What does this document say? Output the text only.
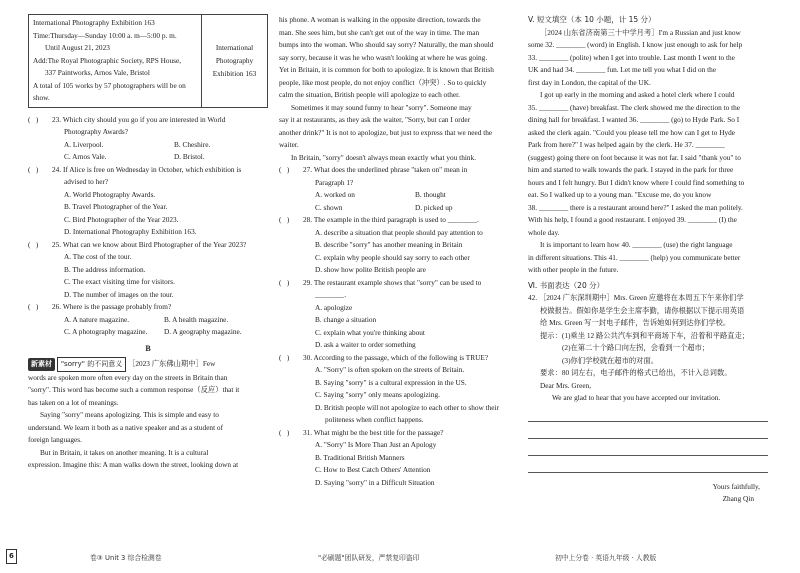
International Photography Exhibition 163
Time:Thursday—Sunday 10:00 a. m—5:00 p. m.
Until August 21, 2023
Add:The Royal Photographic Society, RPS House,
337 Paintworks, Arnos Vale, Bristol
A total of 105 works by 57 photographers will be on
show.

International
Photography
Exhibition 163
(   ) 23. Which city should you go if you are interested in World
Photography Awards?
A. Liverpool.	B. Cheshire.
C. Arnos Vale.	D. Bristol.
(   ) 24. If Alice is free on Wednesday in October, which exhibition is
advised to her?
A. World Photography Awards.
B. Travel Photographer of the Year.
C. Bird Photographer of the Year 2023.
D. International Photography Exhibition 163.
(   ) 25. What can we know about Bird Photographer of the Year 2023?
A. The cost of the tour.
B. The address information.
C. The exact visiting time for visitors.
D. The number of images on the tour.
(   ) 26. Where is the passage probably from?
A. A nature magazine.	B. A health magazine.
C. A photography magazine.	D. A geography magazine.
B
新素材 "sorry" 的不同意义 ［2023 广东佛山期中］Few
words are spoken more often every day on the streets in Britain than
"sorry". This word has become such a common response（反应）that it
has taken on a lot of meanings.
Saying "sorry" means apologizing. This is simple and easy to
understand. We learn it both as a native speaker and as a student of
foreign languages.
But in Britain, it takes on another meaning. It is a cultural
expression. Imagine this: A man walks down the street, looking down at
his phone. A woman is walking in the opposite direction, towards the
man. She sees him, but she can't get out of the way in time. The man
bumps into the woman. Who should say sorry? Naturally, the man should
say sorry, because it was he who wasn't looking at where he was going.
Yet in Britain, it is common for both to apologize. It is known that British
people, like most people, do not enjoy conflict（冲突）. So to quickly
calm the situation, British people will apologize to each other.
Sometimes it may sound funny to hear "sorry". Someone may
say it at restaurants, as they ask the waiter, "Sorry, but can I order
another drink?" It is not to apologize, but just to express that we need the
waiter.
In Britain, "sorry" doesn't always mean exactly what you think.
(   ) 27. What does the underlined phrase "taken on" mean in
Paragraph 1?
A. worked on	B. thought
C. shown	D. picked up
(   ) 28. The example in the third paragraph is used to ________.
A. describe a situation that people should pay attention to
B. describe "sorry" has another meaning in Britain
C. explain why people should say sorry to each other
D. show how polite British people are
(   ) 29. The restaurant example shows that "sorry" can be used to
________.
A. apologize
B. change a situation
C. explain what you're thinking about
D. ask a waiter to order something
(   ) 30. According to the passage, which of the following is TRUE?
A. "Sorry" is often spoken on the streets of Britain.
B. Saying "sorry" is a cultural expression in the US.
C. Saying "sorry" only means apologizing.
D. British people will not apologize to each other to show their
politeness when conflict happens.
(   ) 31. What might be the best title for the passage?
A. "Sorry" Is More Than Just an Apology
B. Traditional British Manners
C. How to Best Catch Others' Attention
D. Saying "sorry" in a Difficult Situation
V. 短文填空（本 10 小题，计 15 分）
［2024 山东省济南第三十中学月考］I'm a Russian and just know
some 32. ________ (word) in English. I know just enough to ask for help
33. ________ (polite) when I get into trouble. Last month I went to the
UK and had 34. ________ fun. Let me tell you what I did on the
first day in London, the capital of the UK.
I got up early in the morning and asked a hotel clerk where I could
35. ________ (have) breakfast. The clerk showed me the direction to the
dining hall for breakfast. I wanted 36. ________ (go) to Hyde Park. So I
asked the clerk again. "Could you please tell me how can I get to Hyde
Park from here?" I was helped again by the clerk. He 37. ________
(suggest) going there on foot because it was not far. I said "thank you" to
him and started to walk towards the park. I stayed in the park for three
hours and I felt hungry. But I didn't know where I could find something to
eat. So I walked up to a young man. "Excuse me, do you know
38. ________ there is a restaurant around here?" I asked the man politely.
With his help, I found a good restaurant. I enjoyed 39. ________ (I) the
whole day.
It is important to learn how 40. ________ (use) the right language
in different situations. This 41. ________ (help) you communicate better
with other people in the future.
Ⅵ. 书面表达（20 分）
42. ［2024 广东深圳期中］Mrs. Green 应邀将在本周五下午来你们学
校做报告。假如你是学生会主席李勤，请你根据以下提示用英语
给 Mrs. Green 写一封电子邮件，告诉她如何到达你们学校。
提示：(1)乘坐 12 路公共汽车到和平商场下车，沿着和平路直走；
(2)在第二十个路口向左拐，会看到一个超市；
(3)你们学校就在超市的对面。
要求：80 词左右，电子邮件的格式已给出，不计入总词数。
Dear Mrs. Green,
We are glad to hear that you have accepted our invitation.
Yours faithfully,
Zhang Qin
6	卷③ Unit 3 综合检测卷	"必刷题"团队研发，严禁复印盗印	初中上分卷 · 英语九年级 · 人教版
